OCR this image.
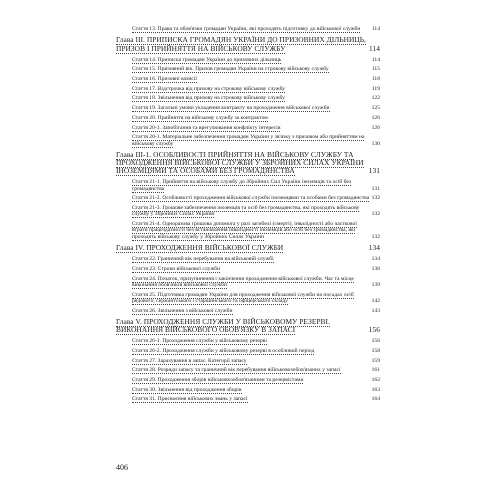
Стаття 13. Права та обов'язки громадян України, які проходять підготовку до військової служби	114
Глава III. ПРИПИСКА ГРОМАДЯН УКРАЇНИ ДО ПРИЗОВНИХ ДІЛЬНИЦЬ, ПРИЗОВ І ПРИЙНЯТТЯ НА ВІЙСЬКОВУ СЛУЖБУ	114
Стаття 14. Приписка громадян України до призовних дільниць	114
Стаття 15. Призовний вік. Призов громадян України на строкову військову службу	115
Стаття 16. Призовні комісії	118
Стаття 17. Відстрочка від призову на строкову військову службу	119
Стаття 18. Звільнення від призову на строкову військову службу	122
Стаття 19. Загальні умови укладення контракту на проходження військової служби	125
Стаття 20. Прийняття на військову службу за контрактом	126
Стаття 20-1. Запобігання та врегулювання конфлікту інтересів	126
Стаття 20-1. Матеріальне забезпечення громадян України у зв'язку з призовом або прийняттям на військову службу	130
Глава III-1. ОСОБЛИВОСТІ ПРИЙНЯТТЯ НА ВІЙСЬКОВУ СЛУЖБУ ТА ПРОХОДЖЕННЯ ВІЙСЬКОВОЇ СЛУЖБИ У ЗБРОЙНИХ СИЛАХ УКРАЇНИ ІНОЗЕМЦЯМИ ТА ОСОБАМИ БЕЗ ГРОМАДЯНСТВА	131
Стаття 21-1. Прийняття на військову службу до Збройних Сил України іноземців та осіб без громадянства	131
Стаття 21-2. Особливості проходження військової служби іноземцями та особами без громадянства 132
Стаття 21-3. Грошове забезпечення іноземців та осіб без громадянства, які проходять військову службу у Збройних Силах України	132
Стаття 21-4. Одноразова грошова допомога у разі загибелі (смерті), інвалідності або часткової втрати працездатності без встановлення інвалідності іноземців або осіб без громадянства, які проходять військову службу у Збройних Силах України	132
Глава IV. ПРОХОДЖЕННЯ ВІЙСЬКОВОЇ СЛУЖБИ	134
Стаття 22. Граничний вік перебування на військовій службі	134
Стаття 23. Строки військової служби	136
Стаття 24. Початок, призупинення і закінчення проходження військової служби. Час та місце виконання обов'язків військової служби	139
Стаття 25. Підготовка громадян України для проходження військової служби на посадах осіб рядового, сержантського і старшинського та офіцерського складу	142
Стаття 26. Звільнення з військової служби	143
Глава V. ПРОХОДЖЕННЯ СЛУЖБИ У ВІЙСЬКОВОМУ РЕЗЕРВІ. ВИКОНАННЯ ВІЙСЬКОВОГО ОБОВ'ЯЗКУ В ЗАПАСІ	156
Стаття 26-1. Проходження служби у військовому резерві	156
Стаття 26-2. Проходження служби у військовому резерві в особливий період	158
Стаття 27. Зарахування в запас. Категорії запасу	159
Стаття 28. Розряди запасу та граничний вік перебування військовозобов'язаних у запасі	161
Стаття 29. Проходження зборів військовозобов'язаними та резервістами	162
Стаття 30. Звільнення від проходження зборів	163
Стаття 31. Присвоєння військових звань у запасі	164
406
